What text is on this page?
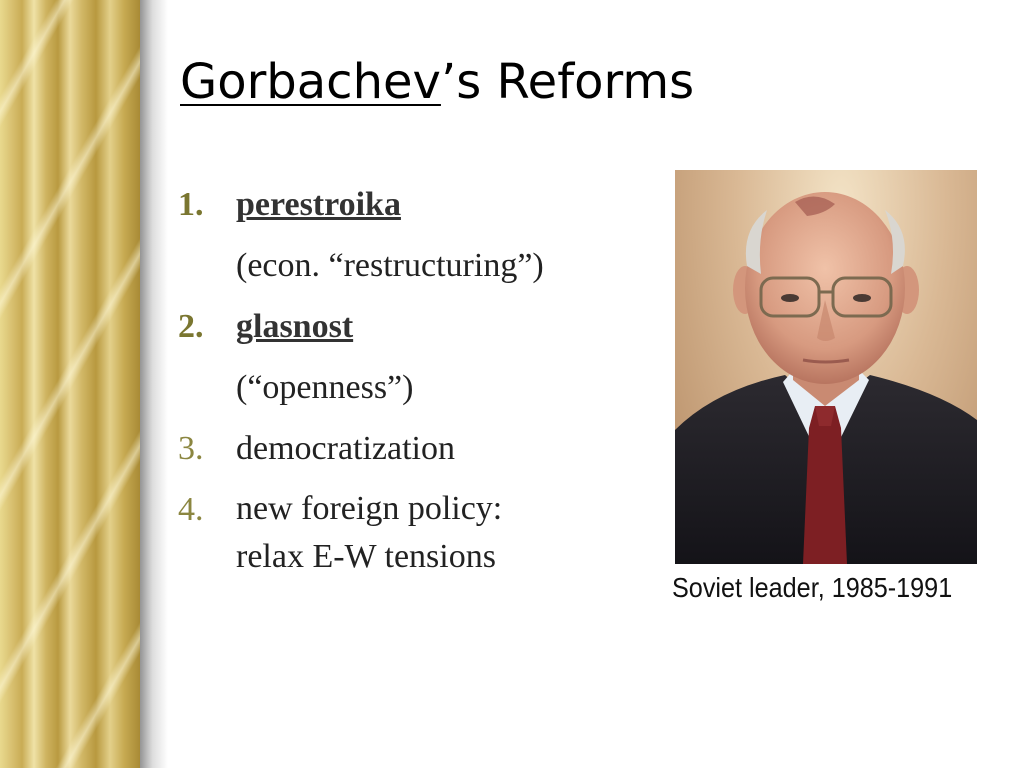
Gorbachev’s Reforms
1. perestroika
(econ. “restructuring”)
2. glasnost
(“openness”)
3. democratization
4. new foreign policy:
relax E-W tensions

Soviet leader, 1985-1991
